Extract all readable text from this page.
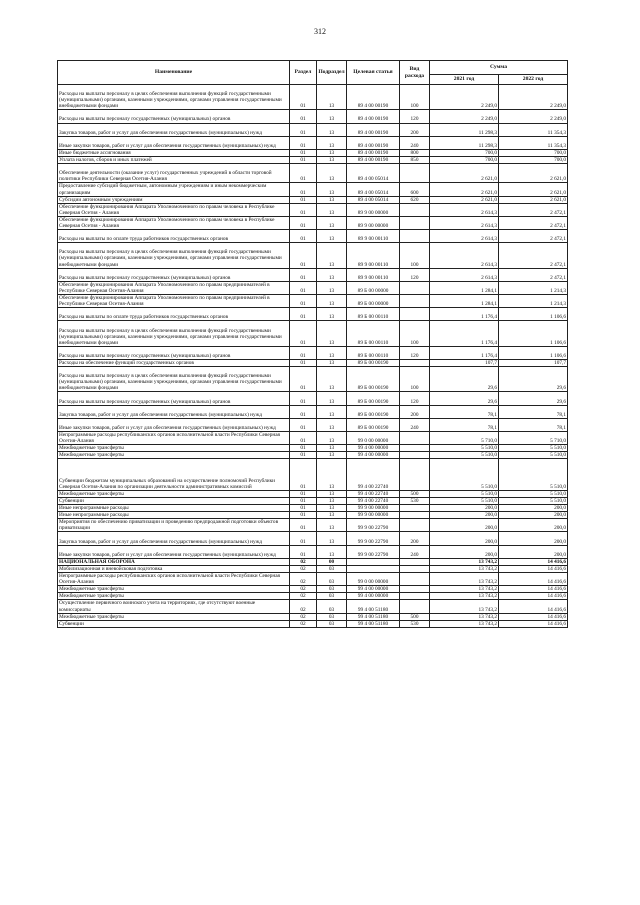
312
Наименование	Раздел	Подраздел	Целевая статья	Вид расхода	Сумма	
					2021 год	2022 год
Расходы на выплаты персоналу в целях обеспечения выполнения функций государственными (муниципальными) органами, казенными учреждениями, органами управления государственными внебюджетными фондами	01	13	89 4 00 00190	100	2 249,0	2 249,0
Расходы на выплаты персоналу государственных (муниципальных) органов	01	13	89 4 00 00190	120	2 249,0	2 249,0
Закупка товаров, работ и услуг для обеспечения государственных (муниципальных) нужд	01	13	89 4 00 00190	200	11 298,3	11 354,3
Иные закупки товаров, работ и услуг для обеспечения государственных (муниципальных) нужд	01	13	89 4 00 00190	240	11 298,3	11 354,3
Иные бюджетные ассигнования	01	13	89 4 00 00190	800	700,0	700,0
Уплата налогов, сборов и иных платежей	01	13	89 4 00 00190	850	700,0	700,0
Обеспечение деятельности (оказание услуг) государственных учреждений в области торговой политики Республики Северная Осетия-Алания	01	13	89 4 00 05014		2 621,0	2 621,0
Предоставление субсидий бюджетным, автономным учреждениям и иным некоммерческим организациям	01	13	89 4 00 05014	600	2 621,0	2 621,0
Субсидии автономным учреждениям	01	13	89 4 00 05014	620	2 621,0	2 621,0
Обеспечение функционирования Аппарата Уполномоченного по правам человека в Республике Северная Осетия - Алания	01	13	89 9 00 00000		2 614,3	2 472,1
Обеспечение функционирования Аппарата Уполномоченного по правам человека в Республике Северная Осетия - Алания	01	13	89 9 00 00000		2 614,3	2 472,1
Расходы на выплаты по оплате труда работников государственных органов	01	13	89 9 00 00110		2 614,3	2 472,1
Расходы на выплаты персоналу в целях обеспечения выполнения функций государственными (муниципальными) органами, казенными учреждениями, органами управления государственными внебюджетными фондами	01	13	89 9 00 00110	100	2 614,3	2 472,1
Расходы на выплаты персоналу государственных (муниципальных) органов	01	13	89 9 00 00110	120	2 614,3	2 472,1
Обеспечение функционирования Аппарата Уполномоченного по правам предпринимателей в Республике Северная Осетия-Алания	01	13	89 Б 00 00000		1 284,1	1 214,3
Обеспечение функционирования Аппарата Уполномоченного по правам предпринимателей в Республике Северная Осетия-Алания	01	13	89 Б 00 00000		1 284,1	1 214,3
Расходы на выплаты по оплате труда работников государственных органов	01	13	89 Б 00 00110		1 176,4	1 106,6
Расходы на выплаты персоналу в целях обеспечения выполнения функций государственными (муниципальными) органами, казенными учреждениями, органами управления государственными внебюджетными фондами	01	13	89 Б 00 00110	100	1 176,4	1 106,6
Расходы на выплаты персоналу государственных (муниципальных) органов	01	13	89 Б 00 00110	120	1 176,4	1 106,6
Расходы на обеспечение функций государственных органов	01	13	89 Б 00 00190		107,7	107,7
Расходы на выплаты персоналу в целях обеспечения выполнения функций государственными (муниципальными) органами, казенными учреждениями, органами управления государственными внебюджетными фондами	01	13	89 Б 00 00190	100	29,6	29,6
Расходы на выплаты персоналу государственных (муниципальных) органов	01	13	89 Б 00 00190	120	29,6	29,6
Закупка товаров, работ и услуг для обеспечения государственных (муниципальных) нужд	01	13	89 Б 00 00190	200	78,1	78,1
Иные закупки товаров, работ и услуг для обеспечения государственных (муниципальных) нужд	01	13	89 Б 00 00190	240	78,1	78,1
Непрограммные расходы республиканских органов исполнительной власти Республики Северная Осетия-Алания	01	13	99 0 00 00000		5 710,0	5 710,0
Межбюджетные трансферты	01	13	99 4 00 00000		5 510,0	5 510,0
Межбюджетные трансферты	01	13	99 4 00 00000		5 510,0	5 510,0
Субвенции бюджетам муниципальных образований на осуществление полномочий Республики Северная Осетия-Алания по организации деятельности административных комиссий	01	13	99 4 00 22740		5 510,0	5 510,0
Межбюджетные трансферты	01	13	99 4 00 22740	500	5 510,0	5 510,0
Субвенции	01	13	99 4 00 22740	530	5 510,0	5 510,0
Иные непрограммные расходы	01	13	99 9 00 00000		200,0	200,0
Иные непрограммные расходы	01	13	99 9 00 00000		200,0	200,0
Мероприятия по обеспечению приватизации и проведению предпродажной подготовки объектов приватизации	01	13	99 9 00 22790		200,0	200,0
Закупка товаров, работ и услуг для обеспечения государственных (муниципальных) нужд	01	13	99 9 00 22790	200	200,0	200,0
Иные закупки товаров, работ и услуг для обеспечения государственных (муниципальных) нужд	01	13	99 9 00 22790	240	200,0	200,0
НАЦИОНАЛЬНАЯ ОБОРОНА	02	00			13 743,2	14 416,6
Мобилизационная и вневойсковая подготовка	02	03			13 743,2	14 416,6
Непрограммные расходы республиканских органов исполнительной власти Республики Северная Осетия-Алания	02	03	99 0 00 00000		13 743,2	14 416,6
Межбюджетные трансферты	02	03	99 4 00 00000		13 743,2	14 416,6
Межбюджетные трансферты	02	03	99 4 00 00000		13 743,2	14 416,6
Осуществление первичного воинского учета на территориях, где отсутствуют военные комиссариаты	02	03	99 4 00 51180		13 743,2	14 416,6
Межбюджетные трансферты	02	03	99 4 00 51180	500	13 743,2	14 416,6
Субвенции	02	03	99 4 00 51180	530	13 743,2	14 416,6
